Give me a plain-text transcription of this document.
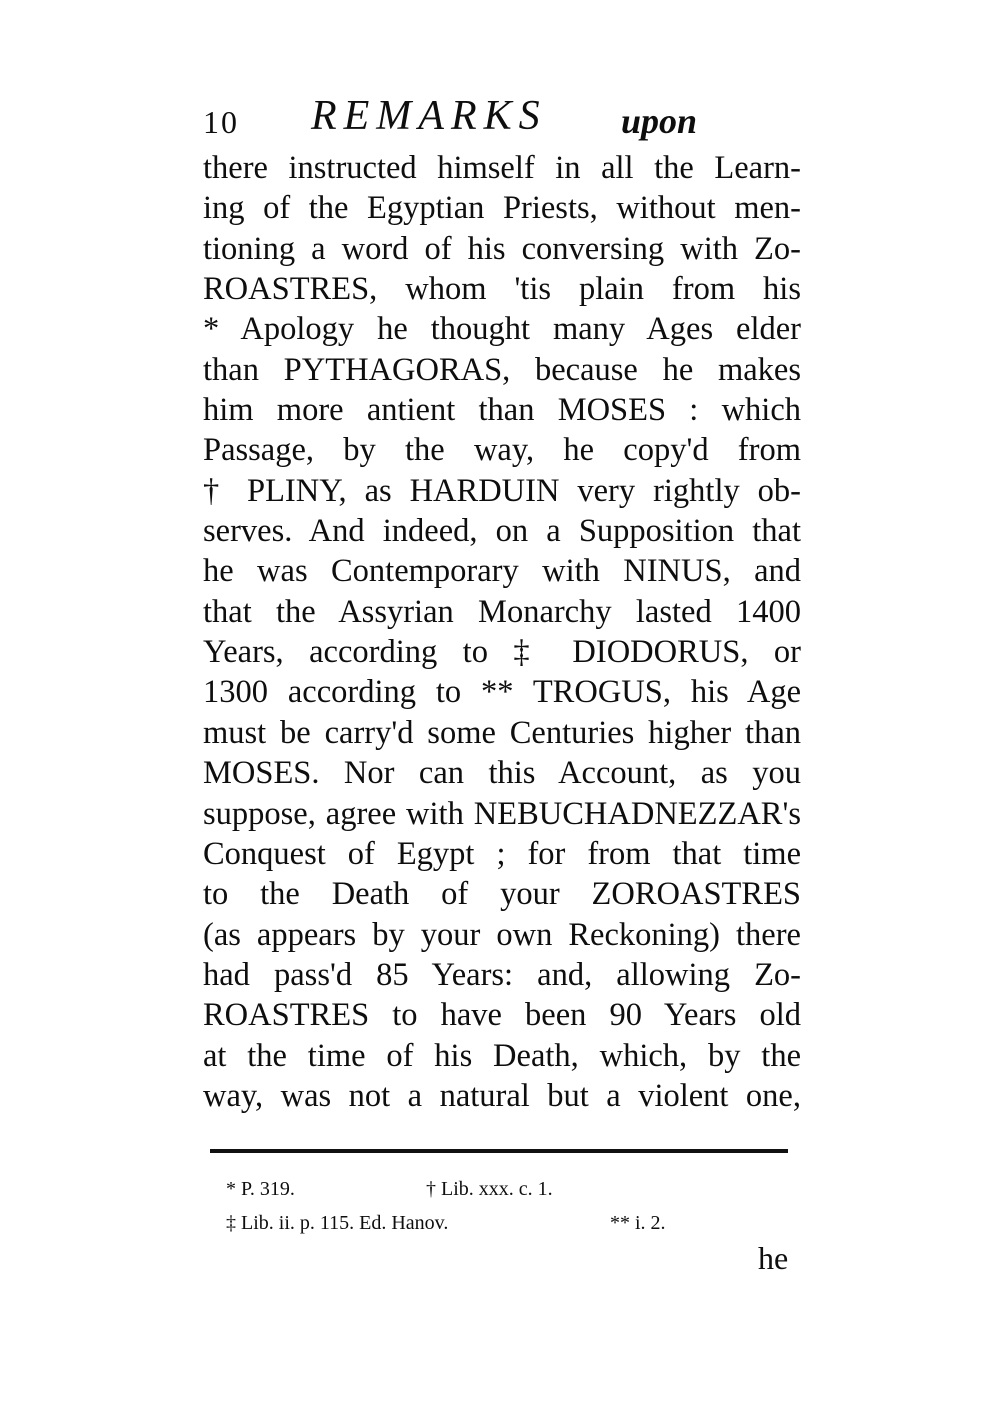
10 REMARKS upon
there instructed himself in all the Learn-
ing of the Egyptian Priests, without men-
tioning a word of his conversing with Zo-
ROASTRES, whom 'tis plain from his
* Apology he thought many Ages elder
than PYTHAGORAS, because he makes
him more antient than MOSES : which
Passage, by the way, he copy'd from
† PLINY, as HARDUIN very rightly ob-
serves. And indeed, on a Supposition that
he was Contemporary with NINUS, and
that the Assyrian Monarchy lasted 1400
Years, according to ‡ DIODORUS, or
1300 according to ** TROGUS, his Age
must be carry'd some Centuries higher than
MOSES. Nor can this Account, as you
suppose, agree with NEBUCHADNEZZAR's
Conquest of Egypt ; for from that time
to the Death of your ZOROASTRES
(as appears by your own Reckoning) there
had pass'd 85 Years: and, allowing Zo-
ROASTRES to have been 90 Years old
at the time of his Death, which, by the
way, was not a natural but a violent one,
* P. 319.	† Lib. xxx. c. 1.
‡ Lib. ii. p. 115. Ed. Hanov.	** i. 2.
he
